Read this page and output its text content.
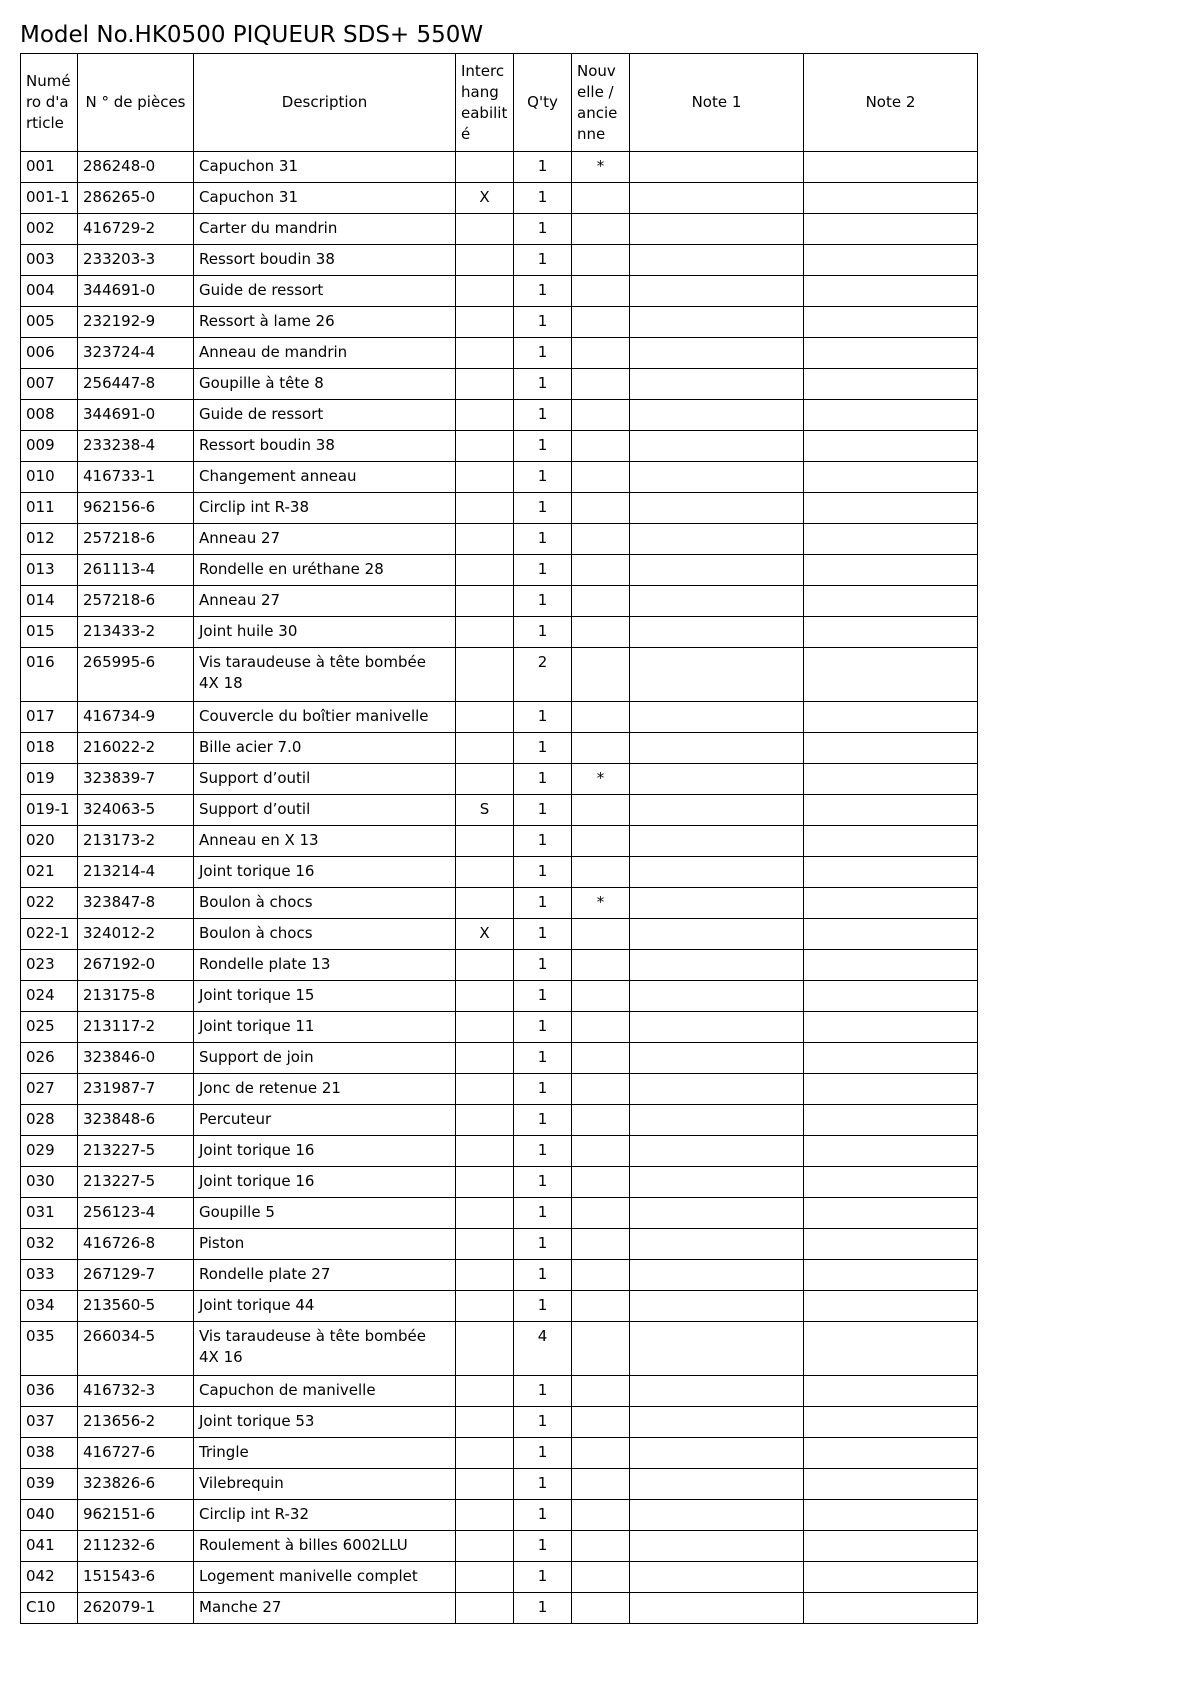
Model No.HK0500 PIQUEUR SDS+ 550W
Numé ro d'a rticle	N ° de pièces	Description	Interc hang eabilit é	Q'ty	Nouv elle / ancie nne	Note 1	Note 2
001	286248-0	Capuchon 31		1	*		
001-1	286265-0	Capuchon 31	X	1			
002	416729-2	Carter du mandrin		1			
003	233203-3	Ressort boudin 38		1			
004	344691-0	Guide de ressort		1			
005	232192-9	Ressort à lame 26		1			
006	323724-4	Anneau de mandrin		1			
007	256447-8	Goupille à tête 8		1			
008	344691-0	Guide de ressort		1			
009	233238-4	Ressort boudin 38		1			
010	416733-1	Changement anneau		1			
011	962156-6	Circlip int R-38		1			
012	257218-6	Anneau 27		1			
013	261113-4	Rondelle en uréthane 28		1			
014	257218-6	Anneau 27		1			
015	213433-2	Joint huile 30		1			
016	265995-6	Vis taraudeuse à tête bombée 4X 18		2			
017	416734-9	Couvercle du boîtier manivelle		1			
018	216022-2	Bille acier 7.0		1			
019	323839-7	Support d’outil		1	*		
019-1	324063-5	Support d’outil	S	1			
020	213173-2	Anneau en X 13		1			
021	213214-4	Joint torique 16		1			
022	323847-8	Boulon à chocs		1	*		
022-1	324012-2	Boulon à chocs	X	1			
023	267192-0	Rondelle plate 13		1			
024	213175-8	Joint torique 15		1			
025	213117-2	Joint torique 11		1			
026	323846-0	Support de join		1			
027	231987-7	Jonc de retenue 21		1			
028	323848-6	Percuteur		1			
029	213227-5	Joint torique 16		1			
030	213227-5	Joint torique 16		1			
031	256123-4	Goupille 5		1			
032	416726-8	Piston		1			
033	267129-7	Rondelle plate 27		1			
034	213560-5	Joint torique 44		1			
035	266034-5	Vis taraudeuse à tête bombée 4X 16		4			
036	416732-3	Capuchon de manivelle		1			
037	213656-2	Joint torique 53		1			
038	416727-6	Tringle		1			
039	323826-6	Vilebrequin		1			
040	962151-6	Circlip int R-32		1			
041	211232-6	Roulement à billes 6002LLU		1			
042	151543-6	Logement manivelle complet		1			
C10	262079-1	Manche 27		1			
